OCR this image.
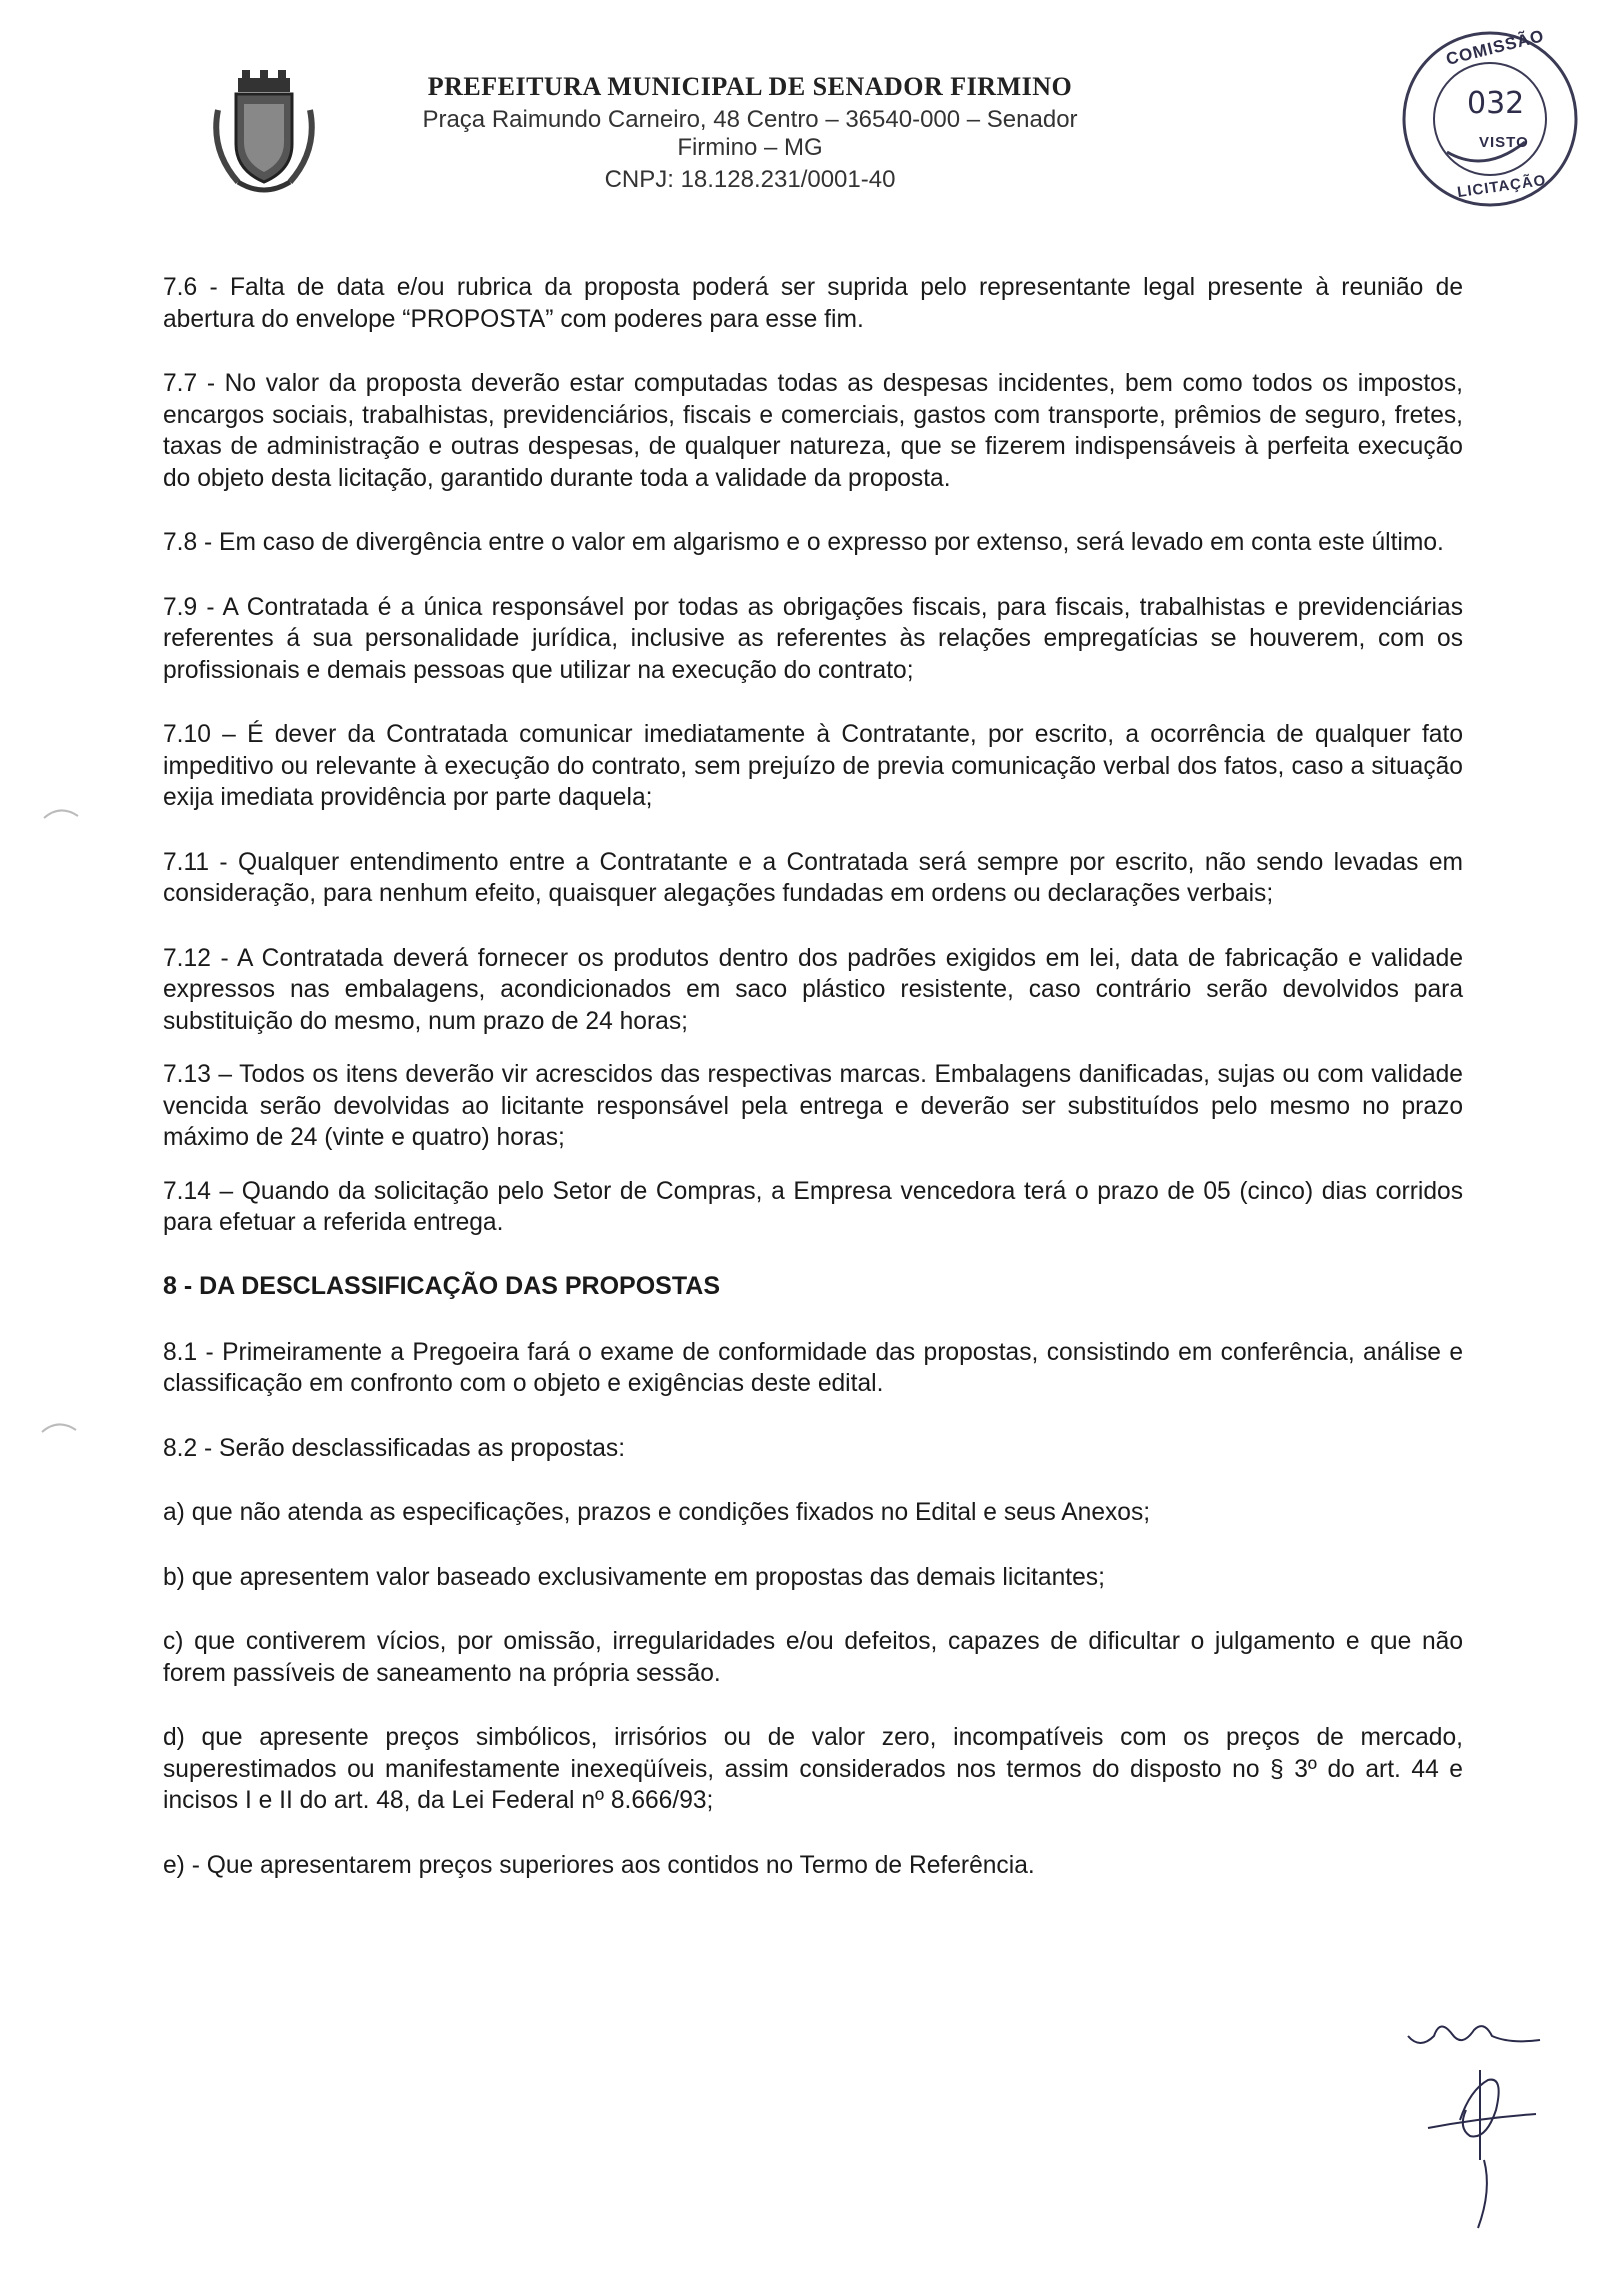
PREFEITURA MUNICIPAL DE SENADOR FIRMINO
Praça Raimundo Carneiro, 48 Centro – 36540-000 – Senador Firmino – MG
CNPJ: 18.128.231/0001-40
COMISSÃO
032
VISTO
LICITAÇÃO

7.6 - Falta de data e/ou rubrica da proposta poderá ser suprida pelo representante legal presente à reunião de abertura do envelope “PROPOSTA” com poderes para esse fim.

7.7 - No valor da proposta deverão estar computadas todas as despesas incidentes, bem como todos os impostos, encargos sociais, trabalhistas, previdenciários, fiscais e comerciais, gastos com transporte, prêmios de seguro, fretes, taxas de administração e outras despesas, de qualquer natureza, que se fizerem indispensáveis à perfeita execução do objeto desta licitação, garantido durante toda a validade da proposta.

7.8 - Em caso de divergência entre o valor em algarismo e o expresso por extenso, será levado em conta este último.

7.9 - A Contratada é a única responsável por todas as obrigações fiscais, para fiscais, trabalhistas e previdenciárias referentes á sua personalidade jurídica, inclusive as referentes às relações empregatícias se houverem, com os profissionais e demais pessoas que utilizar na execução do contrato;

7.10 – É dever da Contratada comunicar imediatamente à Contratante, por escrito, a ocorrência de qualquer fato impeditivo ou relevante à execução do contrato, sem prejuízo de previa comunicação verbal dos fatos, caso a situação exija imediata providência por parte daquela;

7.11 - Qualquer entendimento entre a Contratante e a Contratada será sempre por escrito, não sendo levadas em consideração, para nenhum efeito, quaisquer alegações fundadas em ordens ou declarações verbais;

7.12 - A Contratada deverá fornecer os produtos dentro dos padrões exigidos em lei, data de fabricação e validade expressos nas embalagens, acondicionados em saco plástico resistente, caso contrário serão devolvidos para substituição do mesmo, num prazo de 24 horas;

7.13 – Todos os itens deverão vir acrescidos das respectivas marcas. Embalagens danificadas, sujas ou com validade vencida serão devolvidas ao licitante responsável pela entrega e deverão ser substituídos pelo mesmo no prazo máximo de 24 (vinte e quatro) horas;

7.14 – Quando da solicitação pelo Setor de Compras, a Empresa vencedora terá o prazo de 05 (cinco) dias corridos para efetuar a referida entrega.

8 - DA DESCLASSIFICAÇÃO DAS PROPOSTAS

8.1 - Primeiramente a Pregoeira fará o exame de conformidade das propostas, consistindo em conferência, análise e classificação em confronto com o objeto e exigências deste edital.

8.2 - Serão desclassificadas as propostas:

a) que não atenda as especificações, prazos e condições fixados no Edital e seus Anexos;

b) que apresentem valor baseado exclusivamente em propostas das demais licitantes;

c) que contiverem vícios, por omissão, irregularidades e/ou defeitos, capazes de dificultar o julgamento e que não forem passíveis de saneamento na própria sessão.

d) que apresente preços simbólicos, irrisórios ou de valor zero, incompatíveis com os preços de mercado, superestimados ou manifestamente inexeqüíveis, assim considerados nos termos do disposto no § 3º do art. 44 e incisos I e II do art. 48, da Lei Federal nº 8.666/93;

e) - Que apresentarem preços superiores aos contidos no Termo de Referência.
